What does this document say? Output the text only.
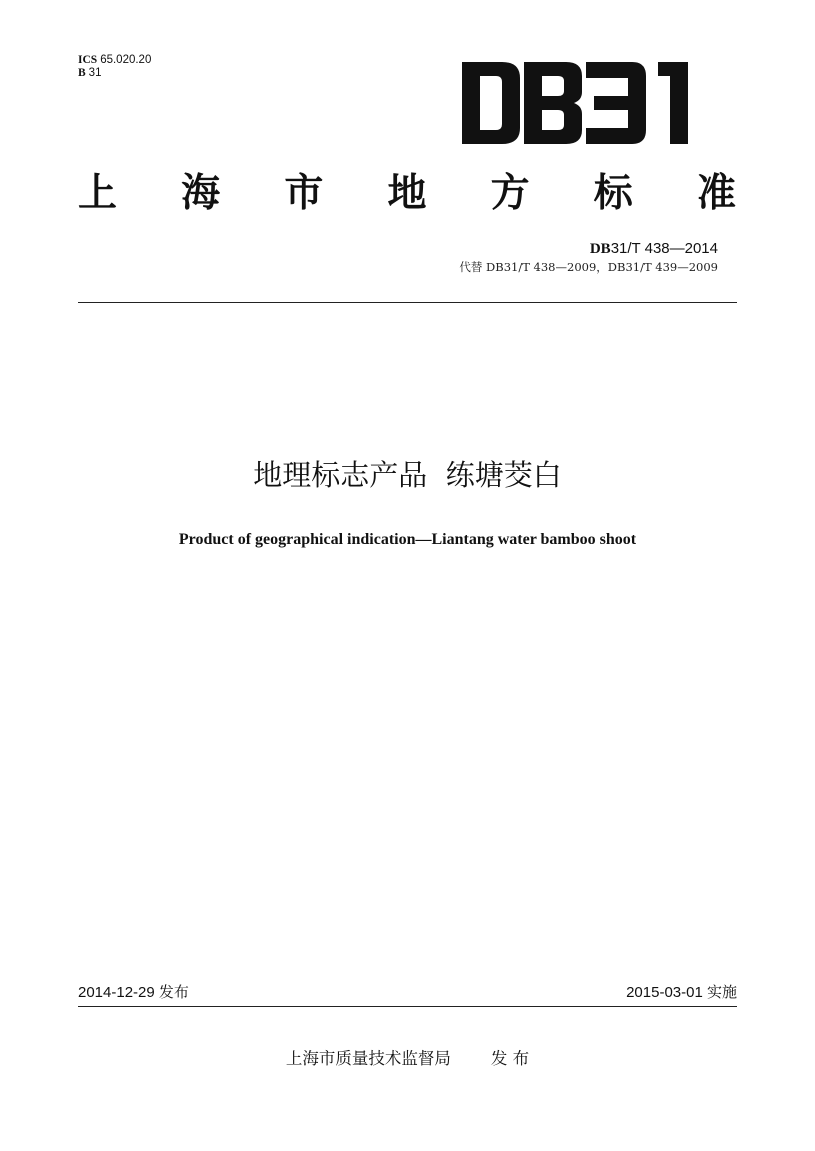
ICS 65.020.20
B 31
上 海 市 地 方 标 准
DB31/T 438—2014
代替 DB31/T 438—2009，DB31/T 439—2009
地理标志产品  练塘茭白
Product of geographical indication—Liantang water bamboo shoot
2014-12-29 发布	2015-03-01 实施
上海市质量技术监督局 发 布
